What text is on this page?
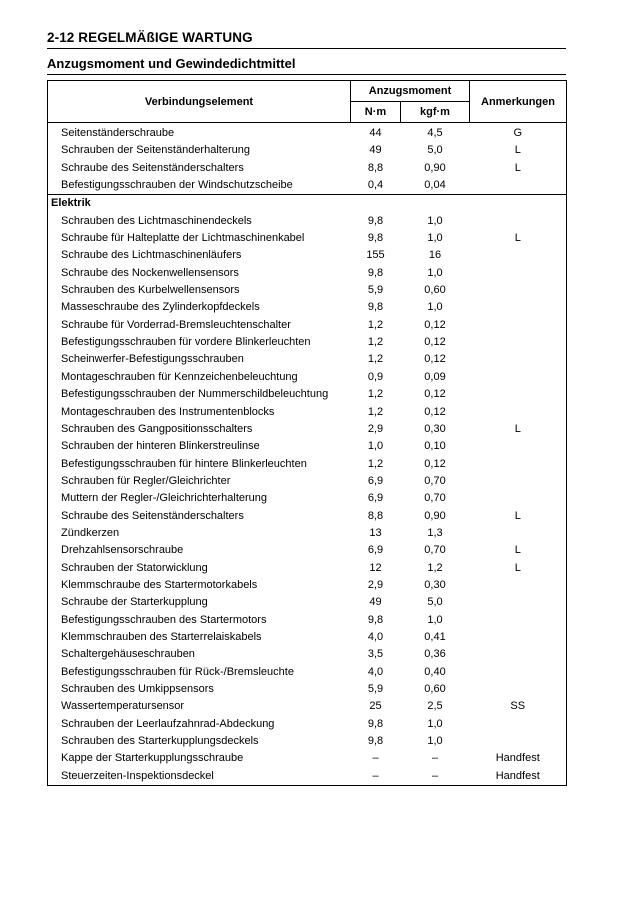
2-12 REGELMÄßIGE WARTUNG
Anzugsmoment und Gewindedichtmittel
Verbindungselement	Anzugsmoment		Anmerkungen
	N·m	kgf·m	
Seitenständerschraube	44	4,5	G
Schrauben der Seitenständerhalterung	49	5,0	L
Schraube des Seitenständerschalters	8,8	0,90	L
Befestigungsschrauben der Windschutzscheibe	0,4	0,04	
Elektrik			
Schrauben des Lichtmaschinendeckels	9,8	1,0	
Schraube für Halteplatte der Lichtmaschinenkabel	9,8	1,0	L
Schraube des Lichtmaschinenläufers	155	16	
Schraube des Nockenwellensensors	9,8	1,0	
Schrauben des Kurbelwellensensors	5,9	0,60	
Masseschraube des Zylinderkopfdeckels	9,8	1,0	
Schraube für Vorderrad-Bremsleuchtenschalter	1,2	0,12	
Befestigungsschrauben für vordere Blinkerleuchten	1,2	0,12	
Scheinwerfer-Befestigungsschrauben	1,2	0,12	
Montageschrauben für Kennzeichenbeleuchtung	0,9	0,09	
Befestigungsschrauben der Nummerschildbeleuchtung	1,2	0,12	
Montageschrauben des Instrumentenblocks	1,2	0,12	
Schrauben des Gangpositionsschalters	2,9	0,30	L
Schrauben der hinteren Blinkerstreulinse	1,0	0,10	
Befestigungsschrauben für hintere Blinkerleuchten	1,2	0,12	
Schrauben für Regler/Gleichrichter	6,9	0,70	
Muttern der Regler-/Gleichrichterhalterung	6,9	0,70	
Schraube des Seitenständerschalters	8,8	0,90	L
Zündkerzen	13	1,3	
Drehzahlsensorschraube	6,9	0,70	L
Schrauben der Statorwicklung	12	1,2	L
Klemmschraube des Startermotorkabels	2,9	0,30	
Schraube der Starterkupplung	49	5,0	
Befestigungsschrauben des Startermotors	9,8	1,0	
Klemmschrauben des Starterrelaiskabels	4,0	0,41	
Schaltergehäuseschrauben	3,5	0,36	
Befestigungsschrauben für Rück-/Bremsleuchte	4,0	0,40	
Schrauben des Umkippsensors	5,9	0,60	
Wassertemperatursensor	25	2,5	SS
Schrauben der Leerlaufzahnrad-Abdeckung	9,8	1,0	
Schrauben des Starterkupplungsdeckels	9,8	1,0	
Kappe der Starterkupplungsschraube	–	–	Handfest
Steuerzeiten-Inspektionsdeckel	–	–	Handfest
